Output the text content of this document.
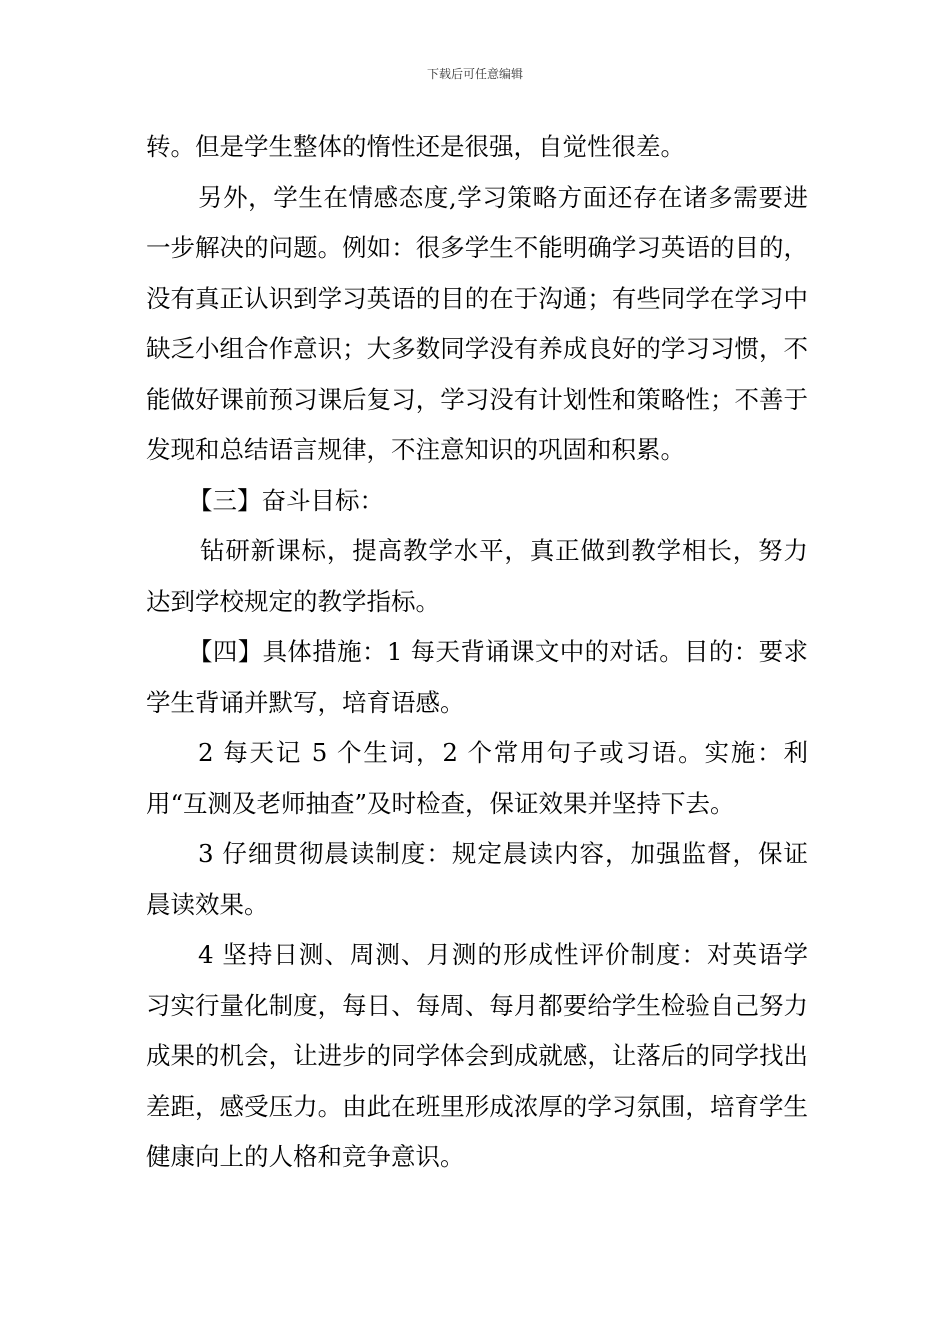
下载后可任意编辑

转。但是学生整体的惰性还是很强，自觉性很差。

另外，学生在情感态度,学习策略方面还存在诸多需要进一步解决的问题。例如：很多学生不能明确学习英语的目的，没有真正认识到学习英语的目的在于沟通；有些同学在学习中缺乏小组合作意识；大多数同学没有养成良好的学习习惯，不能做好课前预习课后复习，学习没有计划性和策略性；不善于发现和总结语言规律，不注意知识的巩固和积累。

【三】奋斗目标：

钻研新课标，提高教学水平，真正做到教学相长，努力达到学校规定的教学指标。

【四】具体措施：1 每天背诵课文中的对话。目的：要求学生背诵并默写，培育语感。

2 每天记 5 个生词，2 个常用句子或习语。实施：利用“互测及老师抽查”及时检查，保证效果并坚持下去。

3 仔细贯彻晨读制度：规定晨读内容，加强监督，保证晨读效果。

4 坚持日测、周测、月测的形成性评价制度：对英语学习实行量化制度，每日、每周、每月都要给学生检验自己努力成果的机会，让进步的同学体会到成就感，让落后的同学找出差距，感受压力。由此在班里形成浓厚的学习氛围，培育学生健康向上的人格和竞争意识。
